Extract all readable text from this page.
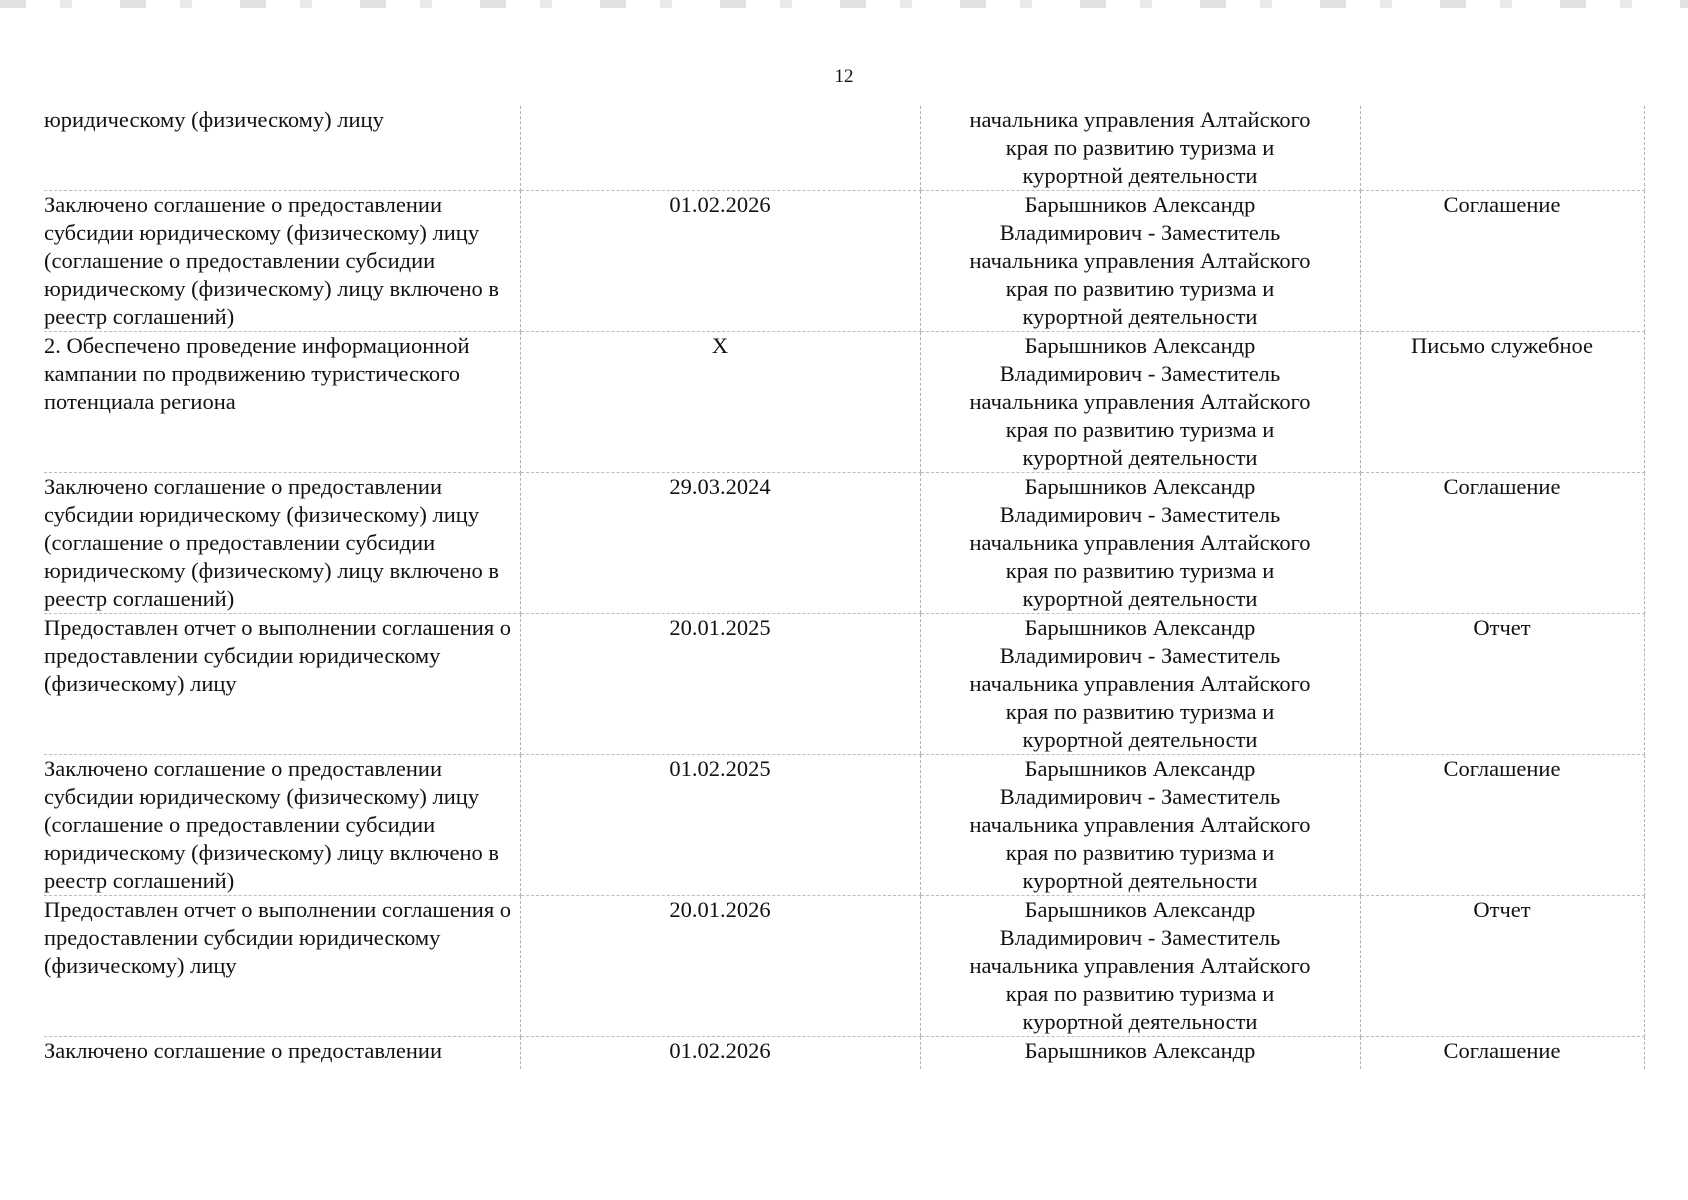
12
юридическому (физическому) лицу		начальника управления Алтайского
края по развитию туризма и
курортной деятельности	

Заключено соглашение о предоставлении субсидии юридическому (физическому) лицу (соглашение о предоставлении субсидии юридическому (физическому) лицу включено в реестр соглашений)	01.02.2026	Барышников Александр
Владимирович - Заместитель
начальника управления Алтайского
края по развитию туризма и
курортной деятельности	Соглашение
2. Обеспечено проведение информационной кампании по продвижению туристического потенциала региона	X	Барышников Александр
Владимирович - Заместитель
начальника управления Алтайского
края по развитию туризма и
курортной деятельности	Письмо служебное
Заключено соглашение о предоставлении субсидии юридическому (физическому) лицу (соглашение о предоставлении субсидии юридическому (физическому) лицу включено в реестр соглашений)	29.03.2024	Барышников Александр
Владимирович - Заместитель
начальника управления Алтайского
края по развитию туризма и
курортной деятельности	Соглашение
Предоставлен отчет о выполнении соглашения о предоставлении субсидии юридическому (физическому) лицу	20.01.2025	Барышников Александр
Владимирович - Заместитель
начальника управления Алтайского
края по развитию туризма и
курортной деятельности	Отчет
Заключено соглашение о предоставлении субсидии юридическому (физическому) лицу (соглашение о предоставлении субсидии юридическому (физическому) лицу включено в реестр соглашений)	01.02.2025	Барышников Александр
Владимирович - Заместитель
начальника управления Алтайского
края по развитию туризма и
курортной деятельности	Соглашение
Предоставлен отчет о выполнении соглашения о предоставлении субсидии юридическому (физическому) лицу	20.01.2026	Барышников Александр
Владимирович - Заместитель
начальника управления Алтайского
края по развитию туризма и
курортной деятельности	Отчет
Заключено соглашение о предоставлении	01.02.2026	Барышников Александр	Соглашение
